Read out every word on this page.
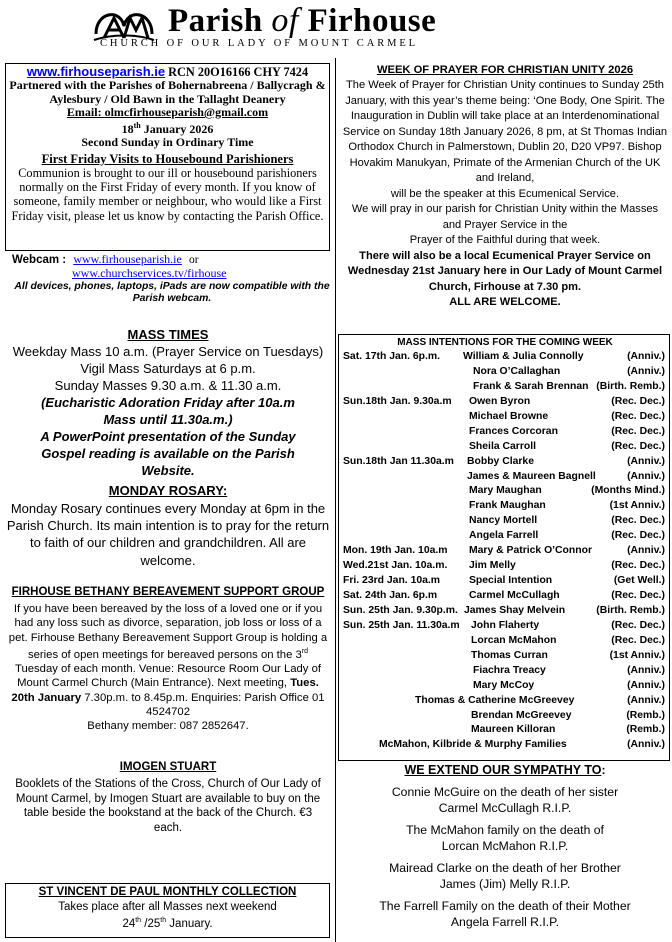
Parish of Firhouse
CHURCH OF OUR LADY OF MOUNT CARMEL
www.firhouseparish.ie RCN 20O16166 CHY 7424
Partnered with the Parishes of Bohernabreena / Ballycragh & Aylesbury / Old Bawn in the Tallaght Deanery
Email: olmcfirhouseparish@gmail.com
18th January 2026
Second Sunday in Ordinary Time
First Friday Visits to Housebound Parishioners
Communion is brought to our ill or housebound parishioners normally on the First Friday of every month. If you know of someone, family member or neighbour, who would like a First Friday visit, please let us know by contacting the Parish Office.
Webcam : www.firhouseparish.ie or
www.churchservices.tv/firhouse
All devices, phones, laptops, iPads are now compatible with the Parish webcam.
MASS TIMES
Weekday Mass 10 a.m. (Prayer Service on Tuesdays)
Vigil Mass Saturdays at 6 p.m.
Sunday Masses 9.30 a.m. & 11.30 a.m.
(Eucharistic Adoration Friday after 10a.m Mass until 11.30a.m.)
A PowerPoint presentation of the Sunday Gospel reading is available on the Parish Website.
MONDAY ROSARY:
Monday Rosary continues every Monday at 6pm in the Parish Church. Its main intention is to pray for the return to faith of our children and grandchildren. All are welcome.
FIRHOUSE BETHANY BEREAVEMENT SUPPORT GROUP
If you have been bereaved by the loss of a loved one or if you had any loss such as divorce, separation, job loss or loss of a pet. Firhouse Bethany Bereavement Support Group is holding a series of open meetings for bereaved persons on the 3rd Tuesday of each month. Venue: Resource Room Our Lady of Mount Carmel Church (Main Entrance). Next meeting, Tues. 20th January 7.30p.m. to 8.45p.m. Enquiries: Parish Office 01 4524702
Bethany member: 087 2852647.
IMOGEN STUART
Booklets of the Stations of the Cross, Church of Our Lady of Mount Carmel, by Imogen Stuart are available to buy on the table beside the bookstand at the back of the Church. €3 each.
ST VINCENT DE PAUL MONTHLY COLLECTION
Takes place after all Masses next weekend
24th /25th January.
WEEK OF PRAYER FOR CHRISTIAN UNITY 2026
The Week of Prayer for Christian Unity continues to Sunday 25th January, with this year’s theme being: ‘One Body, One Spirit. The Inauguration in Dublin will take place at an Interdenominational Service on Sunday 18th January 2026, 8 pm, at St Thomas Indian Orthodox Church in Palmerstown, Dublin 20, D20 VP97. Bishop Hovakim Manukyan, Primate of the Armenian Church of the UK and Ireland,
will be the speaker at this Ecumenical Service.
We will pray in our parish for Christian Unity within the Masses and Prayer Service in the
Prayer of the Faithful during that week.
There will also be a local Ecumenical Prayer Service on Wednesday 21st January here in Our Lady of Mount Carmel Church, Firhouse at 7.30 pm.
ALL ARE WELCOME.
MASS INTENTIONS FOR THE COMING WEEK
Sat. 17th Jan. 6p.m. William & Julia Connolly	(Anniv.)
Nora O’Callaghan	(Anniv.)
Frank & Sarah Brennan (Birth. Remb.)
Sun.18th Jan. 9.30a.m Owen Byron	(Rec. Dec.)
Michael Browne	(Rec. Dec.)
Frances Corcoran	(Rec. Dec.)
Sheila Carroll	(Rec. Dec.)
Sun.18th Jan 11.30a.m Bobby Clarke	(Anniv.)
James & Maureen Bagnell	(Anniv.)
Mary Maughan	(Months Mind.)
Frank Maughan	(1st Anniv.)
Nancy Mortell	(Rec. Dec.)
Angela Farrell	(Rec. Dec.)
Mon. 19th Jan. 10a.m Mary & Patrick O’Connor	(Anniv.)
Wed.21st Jan. 10a.m. Jim Melly	(Rec. Dec.)
Fri. 23rd Jan. 10a.m	Special Intention	(Get Well.)
Sat. 24th Jan. 6p.m	Carmel McCullagh	(Rec. Dec.)
Sun. 25th Jan. 9.30p.m. James Shay Melvein	(Birth. Remb.)
Sun. 25th Jan. 11.30a.m John Flaherty	(Rec. Dec.)
Lorcan McMahon	(Rec. Dec.)
Thomas Curran	(1st Anniv.)
Fiachra Treacy	(Anniv.)
Mary McCoy	(Anniv.)
Thomas & Catherine McGreevey	(Anniv.)
Brendan McGreevey	(Remb.)
Maureen Killoran	(Remb.)
McMahon, Kilbride & Murphy Families	(Anniv.)
WE EXTEND OUR SYMPATHY TO:
Connie McGuire on the death of her sister
Carmel McCullagh R.I.P.
The McMahon family on the death of
Lorcan McMahon R.I.P.
Mairead Clarke on the death of her Brother
James (Jim) Melly R.I.P.
The Farrell Family on the death of their Mother
Angela Farrell R.I.P.
